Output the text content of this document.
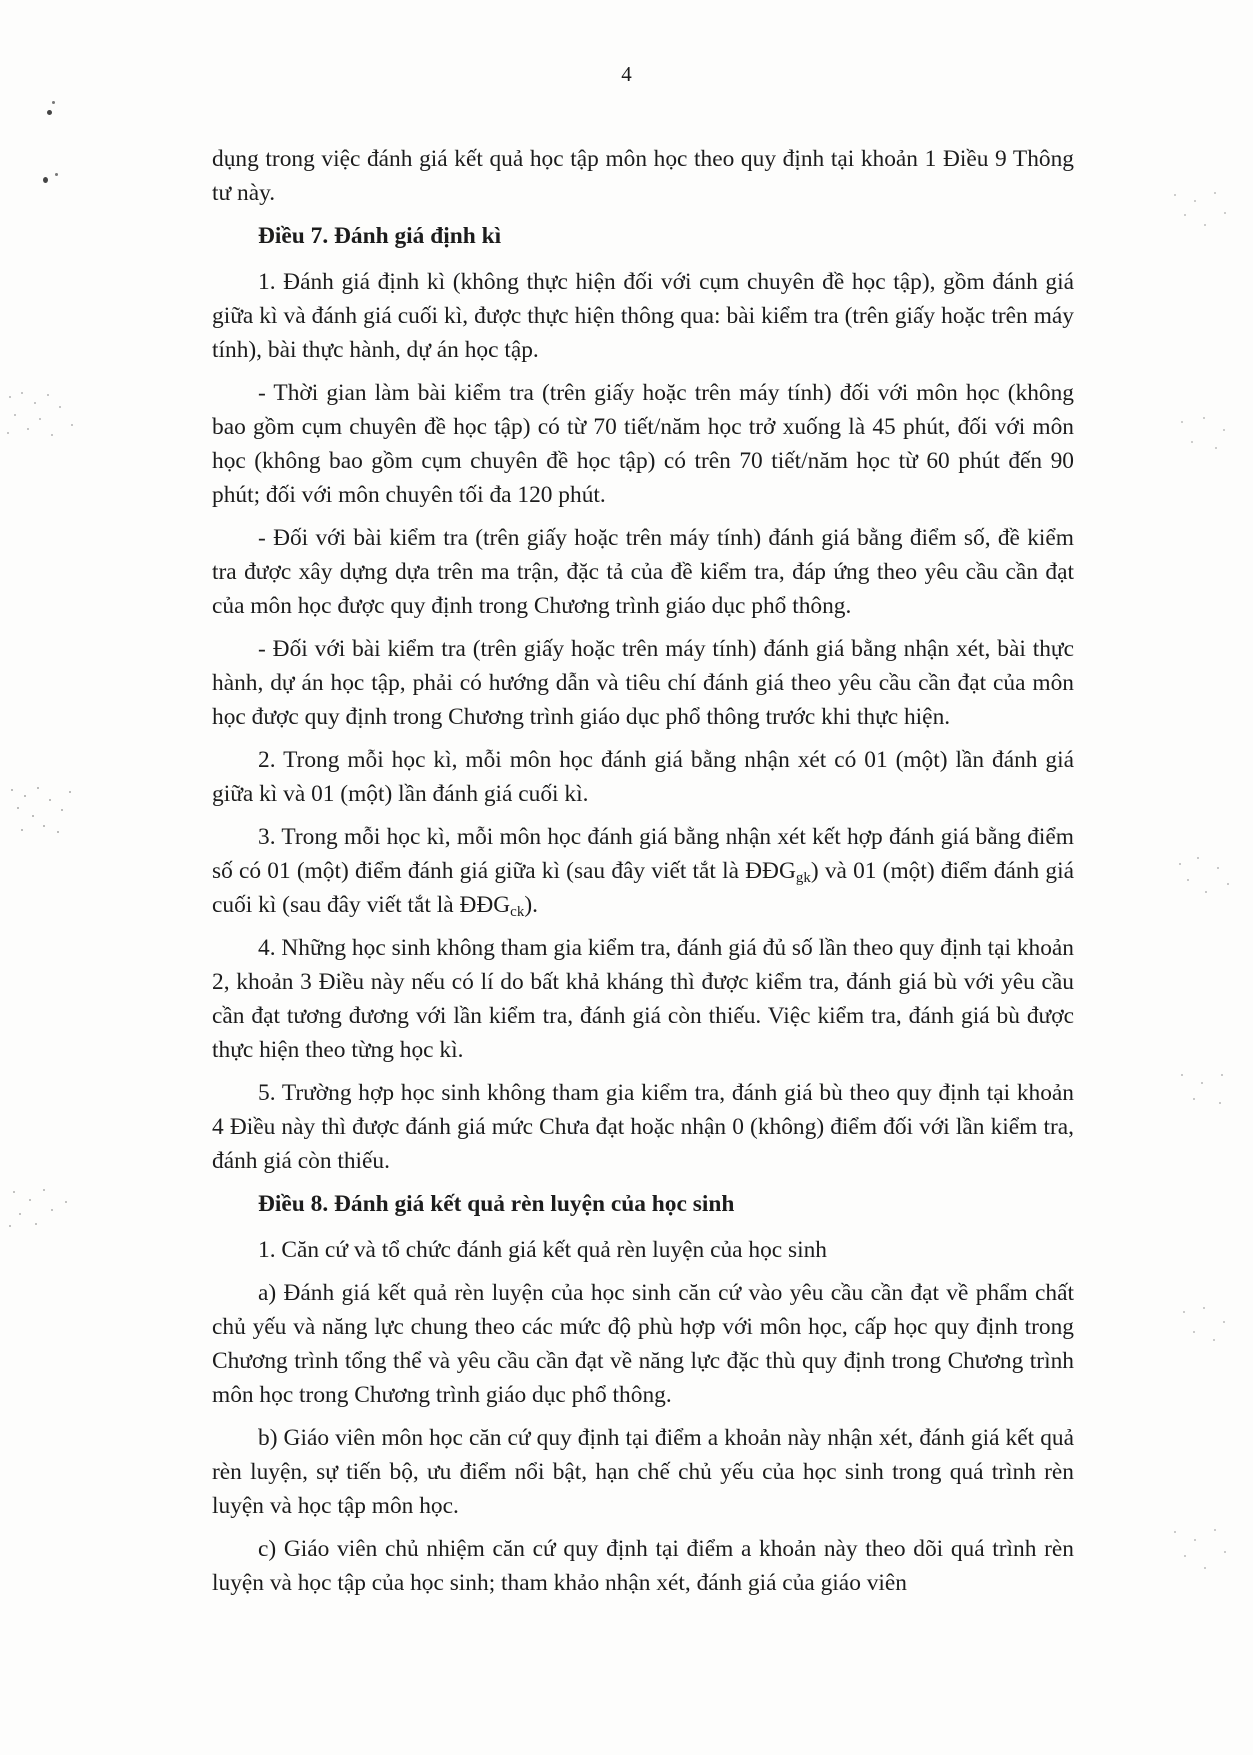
4

dụng trong việc đánh giá kết quả học tập môn học theo quy định tại khoản 1 Điều 9 Thông tư này.

Điều 7. Đánh giá định kì

1. Đánh giá định kì (không thực hiện đối với cụm chuyên đề học tập), gồm đánh giá giữa kì và đánh giá cuối kì, được thực hiện thông qua: bài kiểm tra (trên giấy hoặc trên máy tính), bài thực hành, dự án học tập.

- Thời gian làm bài kiểm tra (trên giấy hoặc trên máy tính) đối với môn học (không bao gồm cụm chuyên đề học tập) có từ 70 tiết/năm học trở xuống là 45 phút, đối với môn học (không bao gồm cụm chuyên đề học tập) có trên 70 tiết/năm học từ 60 phút đến 90 phút; đối với môn chuyên tối đa 120 phút.

- Đối với bài kiểm tra (trên giấy hoặc trên máy tính) đánh giá bằng điểm số, đề kiểm tra được xây dựng dựa trên ma trận, đặc tả của đề kiểm tra, đáp ứng theo yêu cầu cần đạt của môn học được quy định trong Chương trình giáo dục phổ thông.

- Đối với bài kiểm tra (trên giấy hoặc trên máy tính) đánh giá bằng nhận xét, bài thực hành, dự án học tập, phải có hướng dẫn và tiêu chí đánh giá theo yêu cầu cần đạt của môn học được quy định trong Chương trình giáo dục phổ thông trước khi thực hiện.

2. Trong mỗi học kì, mỗi môn học đánh giá bằng nhận xét có 01 (một) lần đánh giá giữa kì và 01 (một) lần đánh giá cuối kì.

3. Trong mỗi học kì, mỗi môn học đánh giá bằng nhận xét kết hợp đánh giá bằng điểm số có 01 (một) điểm đánh giá giữa kì (sau đây viết tắt là $ĐĐG_{gk}$) và 01 (một) điểm đánh giá cuối kì (sau đây viết tắt là $ĐĐG_{ck}$).

4. Những học sinh không tham gia kiểm tra, đánh giá đủ số lần theo quy định tại khoản 2, khoản 3 Điều này nếu có lí do bất khả kháng thì được kiểm tra, đánh giá bù với yêu cầu cần đạt tương đương với lần kiểm tra, đánh giá còn thiếu. Việc kiểm tra, đánh giá bù được thực hiện theo từng học kì.

5. Trường hợp học sinh không tham gia kiểm tra, đánh giá bù theo quy định tại khoản 4 Điều này thì được đánh giá mức Chưa đạt hoặc nhận 0 (không) điểm đối với lần kiểm tra, đánh giá còn thiếu.

Điều 8. Đánh giá kết quả rèn luyện của học sinh

1. Căn cứ và tổ chức đánh giá kết quả rèn luyện của học sinh

a) Đánh giá kết quả rèn luyện của học sinh căn cứ vào yêu cầu cần đạt về phẩm chất chủ yếu và năng lực chung theo các mức độ phù hợp với môn học, cấp học quy định trong Chương trình tổng thể và yêu cầu cần đạt về năng lực đặc thù quy định trong Chương trình môn học trong Chương trình giáo dục phổ thông.

b) Giáo viên môn học căn cứ quy định tại điểm a khoản này nhận xét, đánh giá kết quả rèn luyện, sự tiến bộ, ưu điểm nổi bật, hạn chế chủ yếu của học sinh trong quá trình rèn luyện và học tập môn học.

c) Giáo viên chủ nhiệm căn cứ quy định tại điểm a khoản này theo dõi quá trình rèn luyện và học tập của học sinh; tham khảo nhận xét, đánh giá của giáo viên
